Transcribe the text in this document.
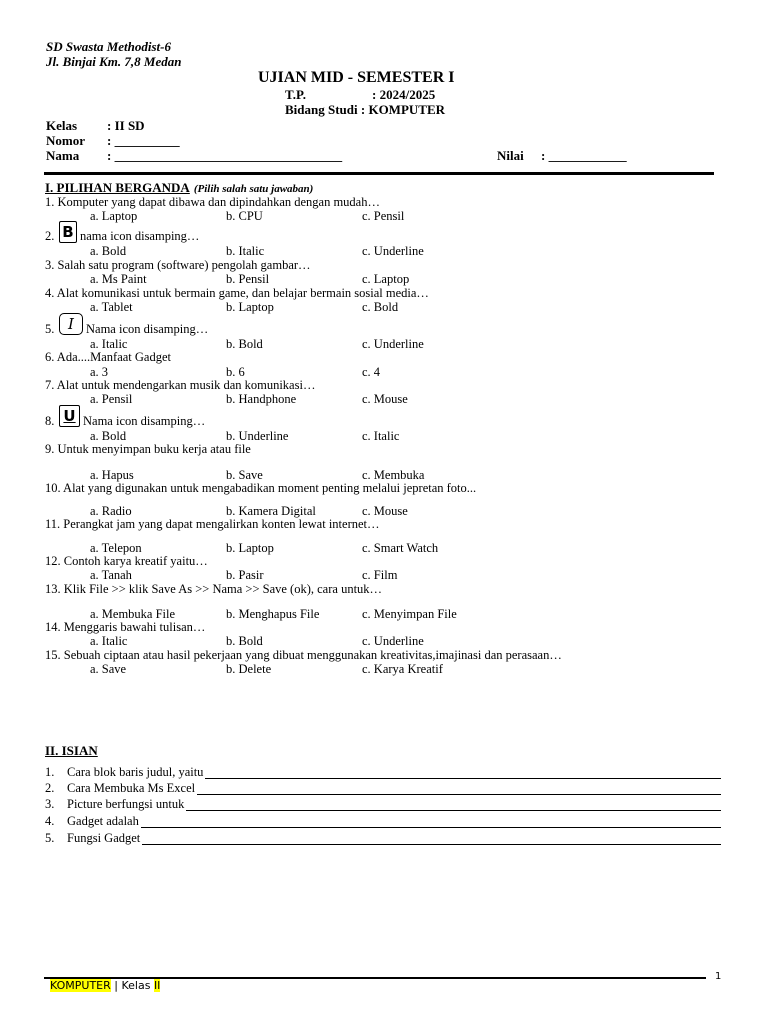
SD Swasta Methodist-6
Jl. Binjai Km. 7,8 Medan
UJIAN MID - SEMESTER I
T.P.	: 2024/2025
Bidang Studi : KOMPUTER
Kelas : II SD
Nomor : __________
Nama : ___________________________________	Nilai : ____________
I. PILIHAN BERGANDA (Pilih salah satu jawaban)
1. Komputer yang dapat dibawa dan dipindahkan dengan mudah…
a. Laptop	b. CPU	c. Pensil
2. B nama icon disamping…
a. Bold	b. Italic	c. Underline
3. Salah satu program (software) pengolah gambar…
a. Ms Paint	b. Pensil	c. Laptop
4. Alat komunikasi untuk bermain game, dan belajar bermain sosial media…
a. Tablet	b. Laptop	c. Bold
5. I Nama icon disamping…
a. Italic	b. Bold	c. Underline
6. Ada....Manfaat Gadget
a. 3	b. 6	c. 4
7. Alat untuk mendengarkan musik dan komunikasi…
a. Pensil	b. Handphone	c. Mouse
8. U Nama icon disamping…
a. Bold	b. Underline	c. Italic
9. Untuk menyimpan buku kerja atau file
a. Hapus	b. Save	c. Membuka
10. Alat yang digunakan untuk mengabadikan moment penting melalui jepretan foto...
a. Radio	b. Kamera Digital	c. Mouse
11. Perangkat jam yang dapat mengalirkan konten lewat internet…
a. Telepon	b. Laptop	c. Smart Watch
12. Contoh karya kreatif yaitu…
a. Tanah	b. Pasir	c. Film
13. Klik File >> klik Save As >> Nama >> Save (ok), cara untuk…
a. Membuka File	b. Menghapus File	c. Menyimpan File
14. Menggaris bawahi tulisan…
a. Italic	b. Bold	c. Underline
15. Sebuah ciptaan atau hasil pekerjaan yang dibuat menggunakan kreativitas,imajinasi dan perasaan…
a. Save	b. Delete	c. Karya Kreatif
II. ISIAN
1. Cara blok baris judul, yaitu
2. Cara Membuka Ms Excel
3. Picture berfungsi untuk
4. Gadget adalah
5. Fungsi Gadget
1
KOMPUTER | Kelas II
